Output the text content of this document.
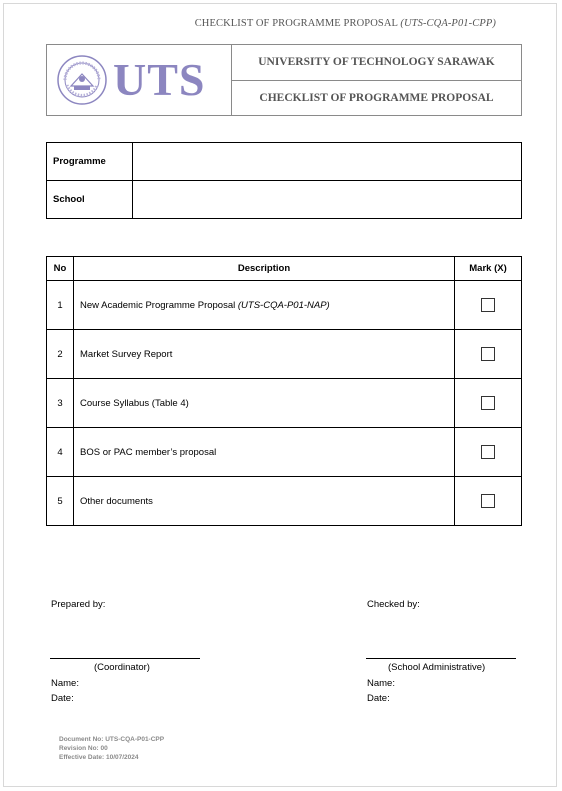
CHECKLIST OF PROGRAMME PROPOSAL (UTS-CQA-P01-CPP)
UTS	UNIVERSITY OF TECHNOLOGY SARAWAK
CHECKLIST OF PROGRAMME PROPOSAL
Programme	
School	
No	Description	Mark (X)
1	New Academic Programme Proposal (UTS-CQA-P01-NAP)	

2	Market Survey Report	

3	Course Syllabus (Table 4)	

4	BOS or PAC member’s proposal	

5	Other documents	
Prepared by:	Checked by:
(Coordinator)	(School Administrative)
Name:
Date:
Name:
Date:
Document No: UTS-CQA-P01-CPP
Revision No: 00
Effective Date: 10/07/2024
